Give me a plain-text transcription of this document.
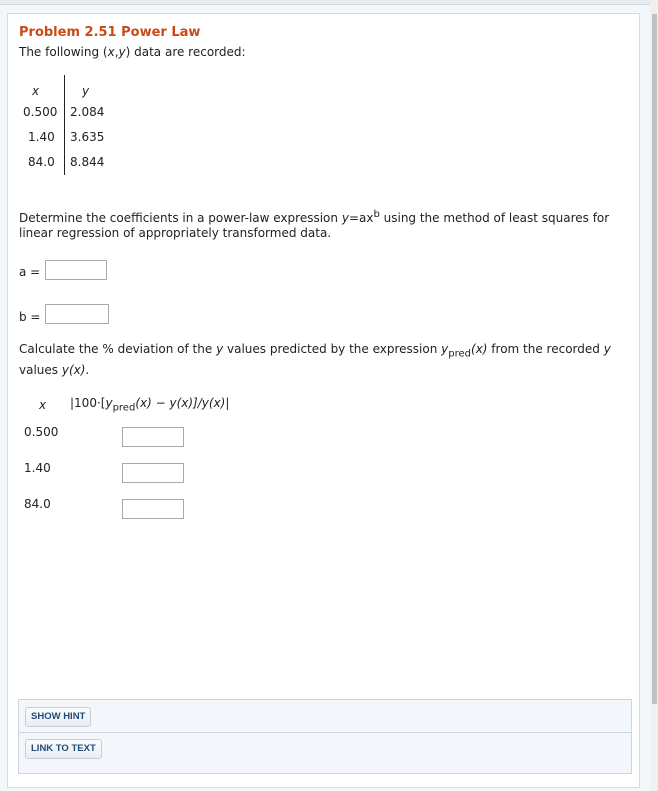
Problem 2.51 Power Law
The following (x,y) data are recorded:
x	y
0.500 2.084
1.40 3.635
84.0 8.844
Determine the coefficients in a power-law expression $y=ax^b$ using the method of least squares for linear regression of appropriately transformed data.
a =
b =
Calculate the % deviation of the y values predicted by the expression $y_{pred}(x)$ from the recorded y values y(x).
x $|100\cdot[y_{pred}(x) - y(x)]/y(x)|$
0.500
1.40
84.0
SHOW HINT
LINK TO TEXT
